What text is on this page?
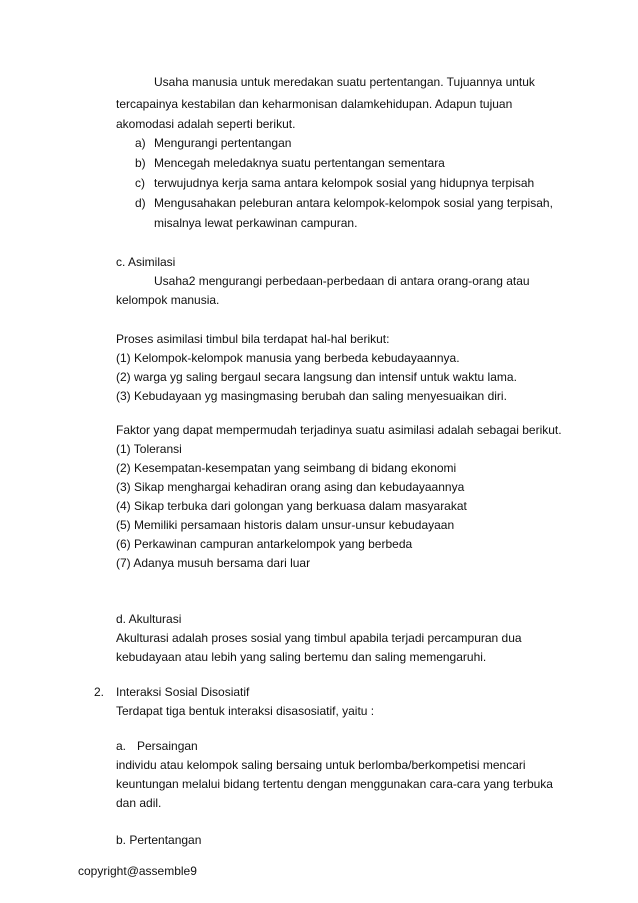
Usaha manusia untuk meredakan suatu pertentangan. Tujuannya untuk
tercapainya kestabilan dan keharmonisan dalamkehidupan. Adapun tujuan
akomodasi adalah seperti berikut.
a) Mengurangi pertentangan
b) Mencegah meledaknya suatu pertentangan sementara
c) terwujudnya kerja sama antara kelompok sosial yang hidupnya terpisah
d) Mengusahakan peleburan antara kelompok-kelompok sosial yang terpisah,
misalnya lewat perkawinan campuran.
c. Asimilasi
Usaha2 mengurangi perbedaan-perbedaan di antara orang-orang atau
kelompok manusia.
Proses asimilasi timbul bila terdapat hal-hal berikut:
(1) Kelompok-kelompok manusia yang berbeda kebudayaannya.
(2) warga yg saling bergaul secara langsung dan intensif untuk waktu lama.
(3) Kebudayaan yg masingmasing berubah dan saling menyesuaikan diri.
Faktor yang dapat mempermudah terjadinya suatu asimilasi adalah sebagai berikut.
(1) Toleransi
(2) Kesempatan-kesempatan yang seimbang di bidang ekonomi
(3) Sikap menghargai kehadiran orang asing dan kebudayaannya
(4) Sikap terbuka dari golongan yang berkuasa dalam masyarakat
(5) Memiliki persamaan historis dalam unsur-unsur kebudayaan
(6) Perkawinan campuran antarkelompok yang berbeda
(7) Adanya musuh bersama dari luar
d. Akulturasi
Akulturasi adalah proses sosial yang timbul apabila terjadi percampuran dua
kebudayaan atau lebih yang saling bertemu dan saling memengaruhi.
2. Interaksi Sosial Disosiatif
Terdapat tiga bentuk interaksi disasosiatif, yaitu :
a. Persaingan
individu atau kelompok saling bersaing untuk berlomba/berkompetisi mencari
keuntungan melalui bidang tertentu dengan menggunakan cara-cara yang terbuka
dan adil.
b. Pertentangan
copyright@assemble9
